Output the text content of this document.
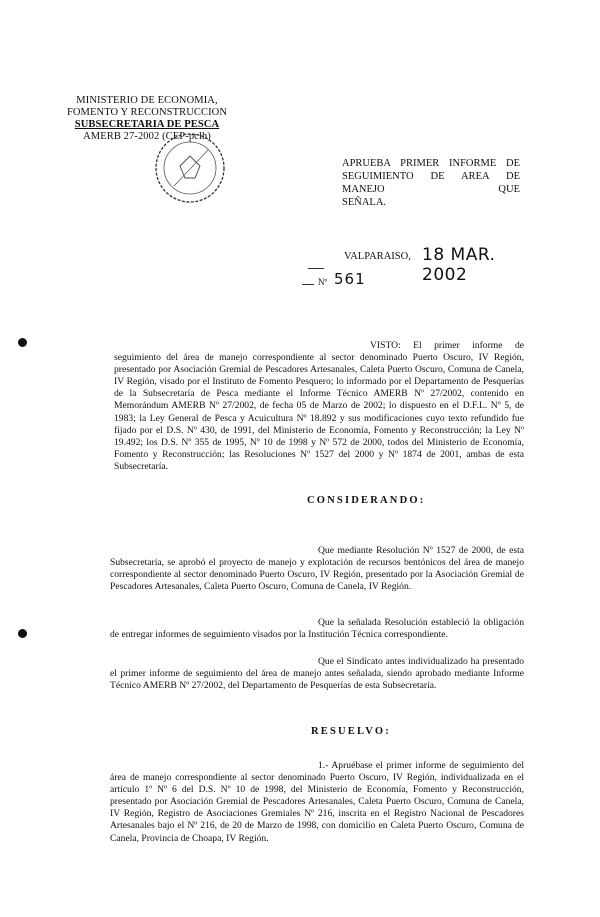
MINISTERIO DE ECONOMIA,
FOMENTO Y RECONSTRUCCION
SUBSECRETARIA DE PESCA
AMERB 27-2002 (CEP-pclh)
APRUEBA PRIMER INFORME DE
SEGUIMIENTO DE AREA DE MANEJO QUE
SEÑALA.
VALPARAISO, 18 MAR. 2002
Nº 561
VISTO: El primer informe de seguimiento del área de manejo correspondiente al sector denominado Puerto Oscuro, IV Región, presentado por Asociación Gremial de Pescadores Artesanales, Caleta Puerto Oscuro, Comuna de Canela, IV Región, visado por el Instituto de Fomento Pesquero; lo informado por el Departamento de Pesquerías de la Subsecretaría de Pesca mediante el Informe Técnico AMERB Nº 27/2002, contenido en Memorándum AMERB Nº 27/2002, de fecha 05 de Marzo de 2002; lo dispuesto en el D.F.L. Nº 5, de 1983; la Ley General de Pesca y Acuicultura Nº 18.892 y sus modificaciones cuyo texto refundido fue fijado por el D.S. Nº 430, de 1991, del Ministerio de Economía, Fomento y Reconstrucción; la Ley Nº 19.492; los D.S. Nº 355 de 1995, Nº 10 de 1998 y Nº 572 de 2000, todos del Ministerio de Economía, Fomento y Reconstrucción; las Resoluciones Nº 1527 del 2000 y Nº 1874 de 2001, ambas de esta Subsecretaría.
CONSIDERANDO:
Que mediante Resolución Nº 1527 de 2000, de esta Subsecretaría, se aprobó el proyecto de manejo y explotación de recursos bentónicos del área de manejo correspondiente al sector denominado Puerto Oscuro, IV Región, presentado por la Asociación Gremial de Pescadores Artesanales, Caleta Puerto Oscuro, Comuna de Canela, IV Región.
Que la señalada Resolución estableció la obligación de entregar informes de seguimiento visados por la Institución Técnica correspondiente.
Que el Sindicato antes individualizado ha presentado el primer informe de seguimiento del área de manejo antes señalada, siendo aprobado mediante Informe Técnico AMERB Nº 27/2002, del Departamento de Pesquerías de esta Subsecretaría.
RESUELVO:
1.- Apruébase el primer informe de seguimiento del área de manejo correspondiente al sector denominado Puerto Oscuro, IV Región, individualizada en el artículo 1º Nº 6 del D.S. Nº 10 de 1998, del Ministerio de Economía, Fomento y Reconstrucción, presentado por Asociación Gremial de Pescadores Artesanales, Caleta Puerto Oscuro, Comuna de Canela, IV Región, Registro de Asociaciones Gremiales Nº 216, inscrita en el Registro Nacional de Pescadores Artesanales bajo el Nº 216, de 20 de Marzo de 1998, con domicilio en Caleta Puerto Oscuro, Comuna de Canela, Provincia de Choapa, IV Región.
